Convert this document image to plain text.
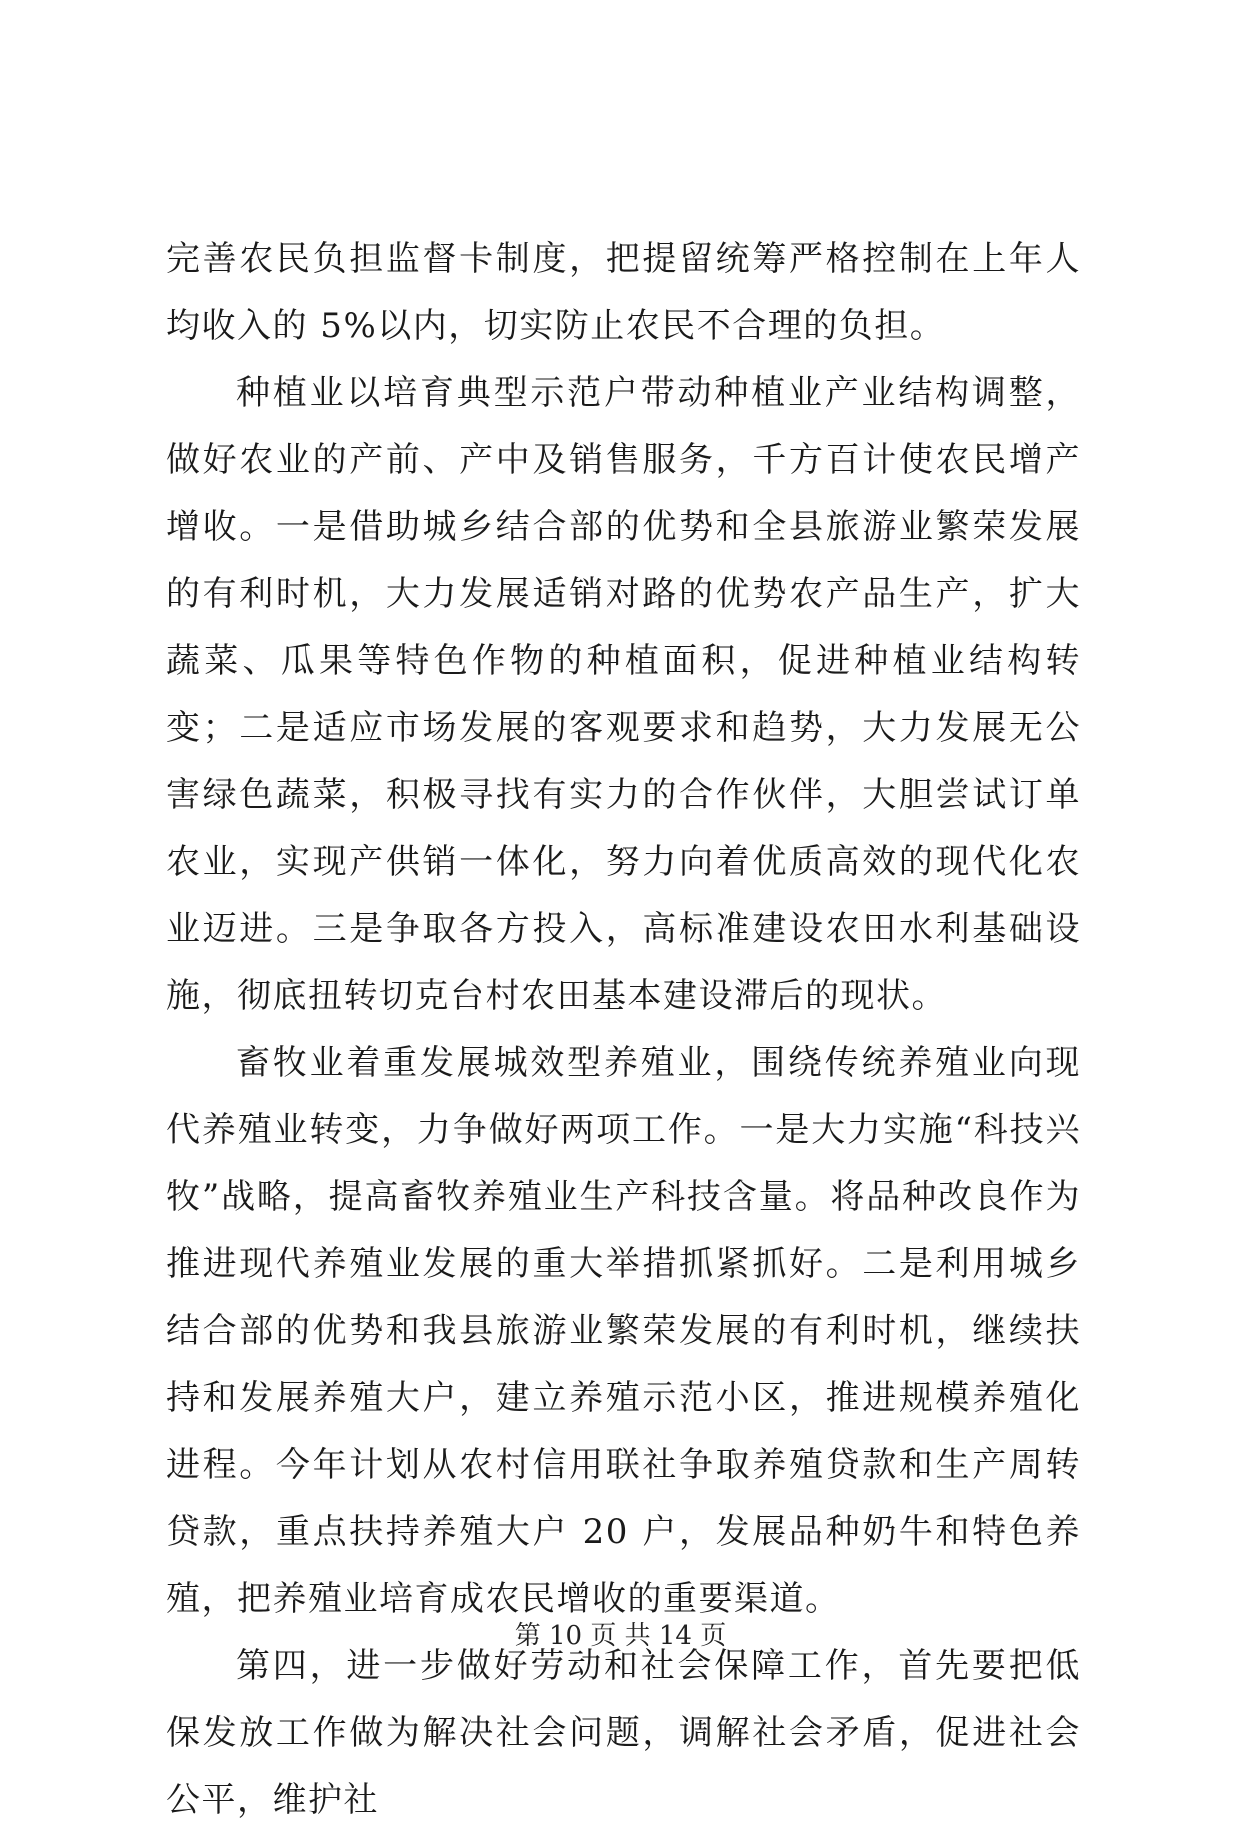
完善农民负担监督卡制度，把提留统筹严格控制在上年人均收入的 5%以内，切实防止农民不合理的负担。

种植业以培育典型示范户带动种植业产业结构调整，做好农业的产前、产中及销售服务，千方百计使农民增产增收。一是借助城乡结合部的优势和全县旅游业繁荣发展的有利时机，大力发展适销对路的优势农产品生产，扩大蔬菜、瓜果等特色作物的种植面积，促进种植业结构转变；二是适应市场发展的客观要求和趋势，大力发展无公害绿色蔬菜，积极寻找有实力的合作伙伴，大胆尝试订单农业，实现产供销一体化，努力向着优质高效的现代化农业迈进。三是争取各方投入，高标准建设农田水利基础设施，彻底扭转切克台村农田基本建设滞后的现状。

畜牧业着重发展城效型养殖业，围绕传统养殖业向现代养殖业转变，力争做好两项工作。一是大力实施“科技兴牧”战略，提高畜牧养殖业生产科技含量。将品种改良作为推进现代养殖业发展的重大举措抓紧抓好。二是利用城乡结合部的优势和我县旅游业繁荣发展的有利时机，继续扶持和发展养殖大户，建立养殖示范小区，推进规模养殖化进程。今年计划从农村信用联社争取养殖贷款和生产周转贷款，重点扶持养殖大户 20 户，发展品种奶牛和特色养殖，把养殖业培育成农民增收的重要渠道。

第四，进一步做好劳动和社会保障工作，首先要把低保发放工作做为解决社会问题，调解社会矛盾，促进社会公平，维护社

第 10 页 共 14 页
